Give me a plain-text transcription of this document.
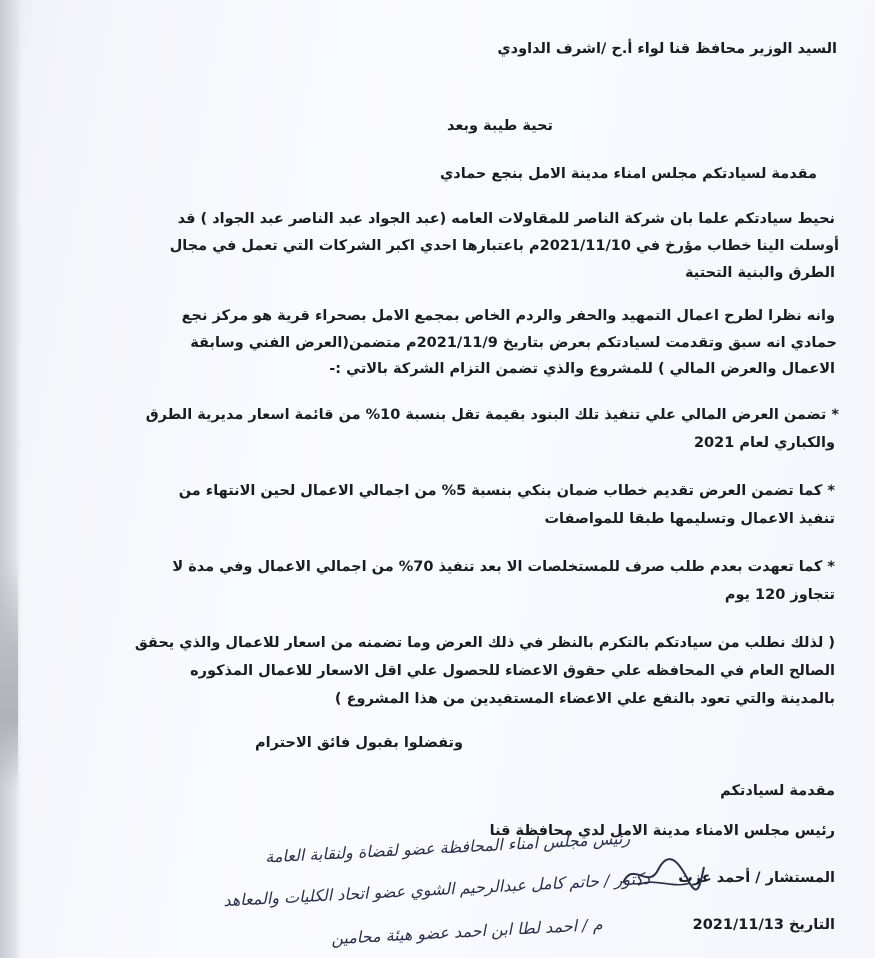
السيد الوزير محافظ قنا لواء أ.ح /اشرف الداودي
تحية طيبة وبعد
مقدمة لسيادتكم مجلس امناء مدينة الامل بنجع حمادي
نحيط سيادتكم علما بان شركة الناصر للمقاولات العامه (عبد الجواد عبد الناصر عبد الجواد ) قد
أوسلت الينا خطاب مؤرخ في 2021/11/10م باعتبارها احدي اكبر الشركات التي تعمل في مجال
الطرق والبنية التحتية
وانه نظرا لطرح اعمال التمهيد والحفر والردم الخاص بمجمع الامل بصحراء قرية هو مركز نجع
حمادي انه سبق وتقدمت لسيادتكم بعرض بتاريخ 2021/11/9م متضمن(العرض الفني وسابقة
الاعمال والعرض المالي ) للمشروع والذي تضمن التزام الشركة بالاتي :-
* تضمن العرض المالي علي تنفيذ تلك البنود بقيمة تقل بنسبة 10% من قائمة اسعار مديرية الطرق
والكباري لعام 2021
* كما تضمن العرض تقديم خطاب ضمان بنكي بنسبة 5% من اجمالي الاعمال لحين الانتهاء من
تنفيذ الاعمال وتسليمها طبقا للمواصفات
* كما تعهدت بعدم طلب صرف للمستخلصات الا بعد تنفيذ 70% من اجمالي الاعمال وفي مدة لا
تتجاوز 120 يوم
( لذلك نطلب من سيادتكم بالتكرم بالنظر في ذلك العرض وما تضمنه من اسعار للاعمال والذي يحقق
الصالح العام في المحافظه علي حقوق الاعضاء للحصول علي اقل الاسعار للاعمال المذكوره
بالمدينة والتي تعود بالنفع علي الاعضاء المستفيدين من هذا المشروع )
وتفضلوا بقبول فائق الاحترام
مقدمة لسيادتكم
رئيس مجلس الامناء مدينة الامل لدي محافظة قنا
المستشار / أحمد عزت
التاريخ 2021/11/13
رئيس مجلس امناء المحافظة عضو لقضاة ولنقابة العامة
دكتور / حاتم كامل عبدالرحيم الشوي عضو اتحاد الكليات والمعاهد
م / احمد لطا ابن احمد عضو هيئة محامين
